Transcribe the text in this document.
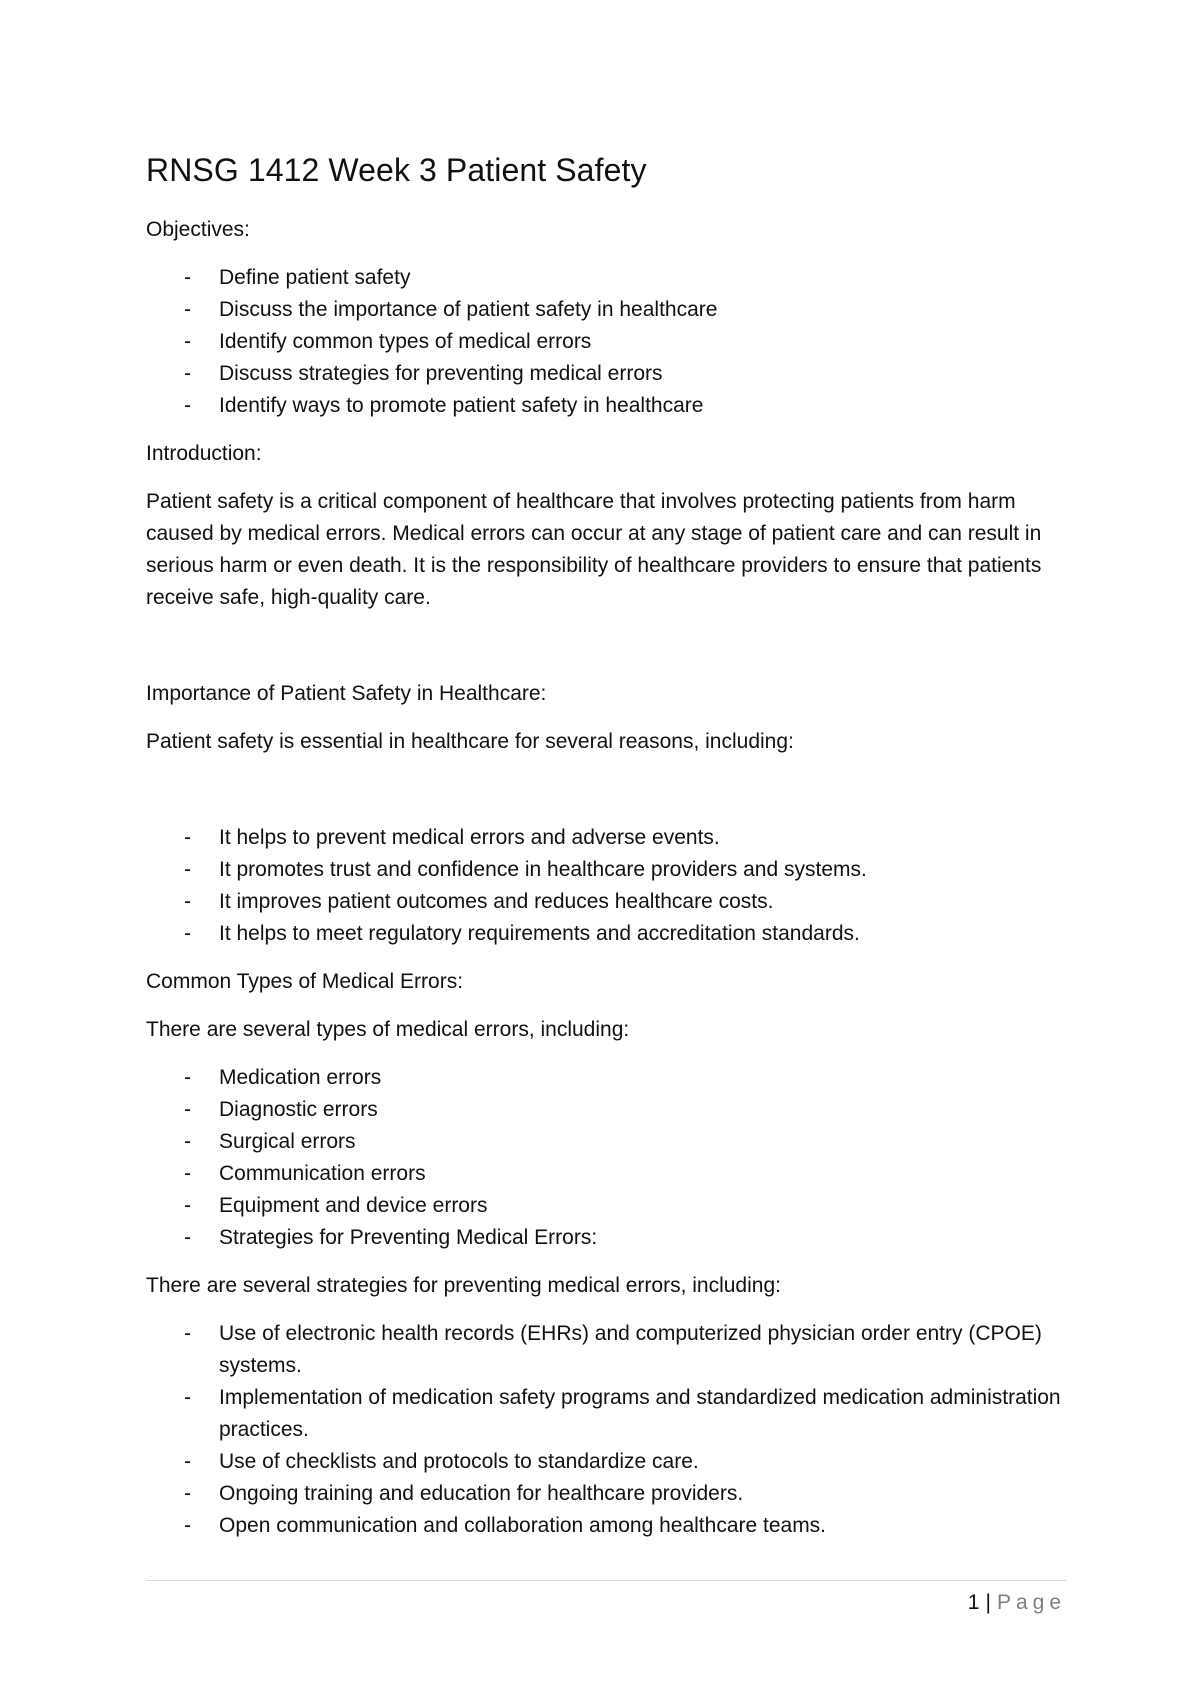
RNSG 1412 Week 3 Patient Safety

Objectives:

- Define patient safety
- Discuss the importance of patient safety in healthcare
- Identify common types of medical errors
- Discuss strategies for preventing medical errors
- Identify ways to promote patient safety in healthcare

Introduction:

Patient safety is a critical component of healthcare that involves protecting patients from harm caused by medical errors. Medical errors can occur at any stage of patient care and can result in serious harm or even death. It is the responsibility of healthcare providers to ensure that patients receive safe, high-quality care.

Importance of Patient Safety in Healthcare:

Patient safety is essential in healthcare for several reasons, including:

- It helps to prevent medical errors and adverse events.
- It promotes trust and confidence in healthcare providers and systems.
- It improves patient outcomes and reduces healthcare costs.
- It helps to meet regulatory requirements and accreditation standards.

Common Types of Medical Errors:

There are several types of medical errors, including:

- Medication errors
- Diagnostic errors
- Surgical errors
- Communication errors
- Equipment and device errors
- Strategies for Preventing Medical Errors:

There are several strategies for preventing medical errors, including:

- Use of electronic health records (EHRs) and computerized physician order entry (CPOE) systems.
- Implementation of medication safety programs and standardized medication administration practices.
- Use of checklists and protocols to standardize care.
- Ongoing training and education for healthcare providers.
- Open communication and collaboration among healthcare teams.
1 | Page
